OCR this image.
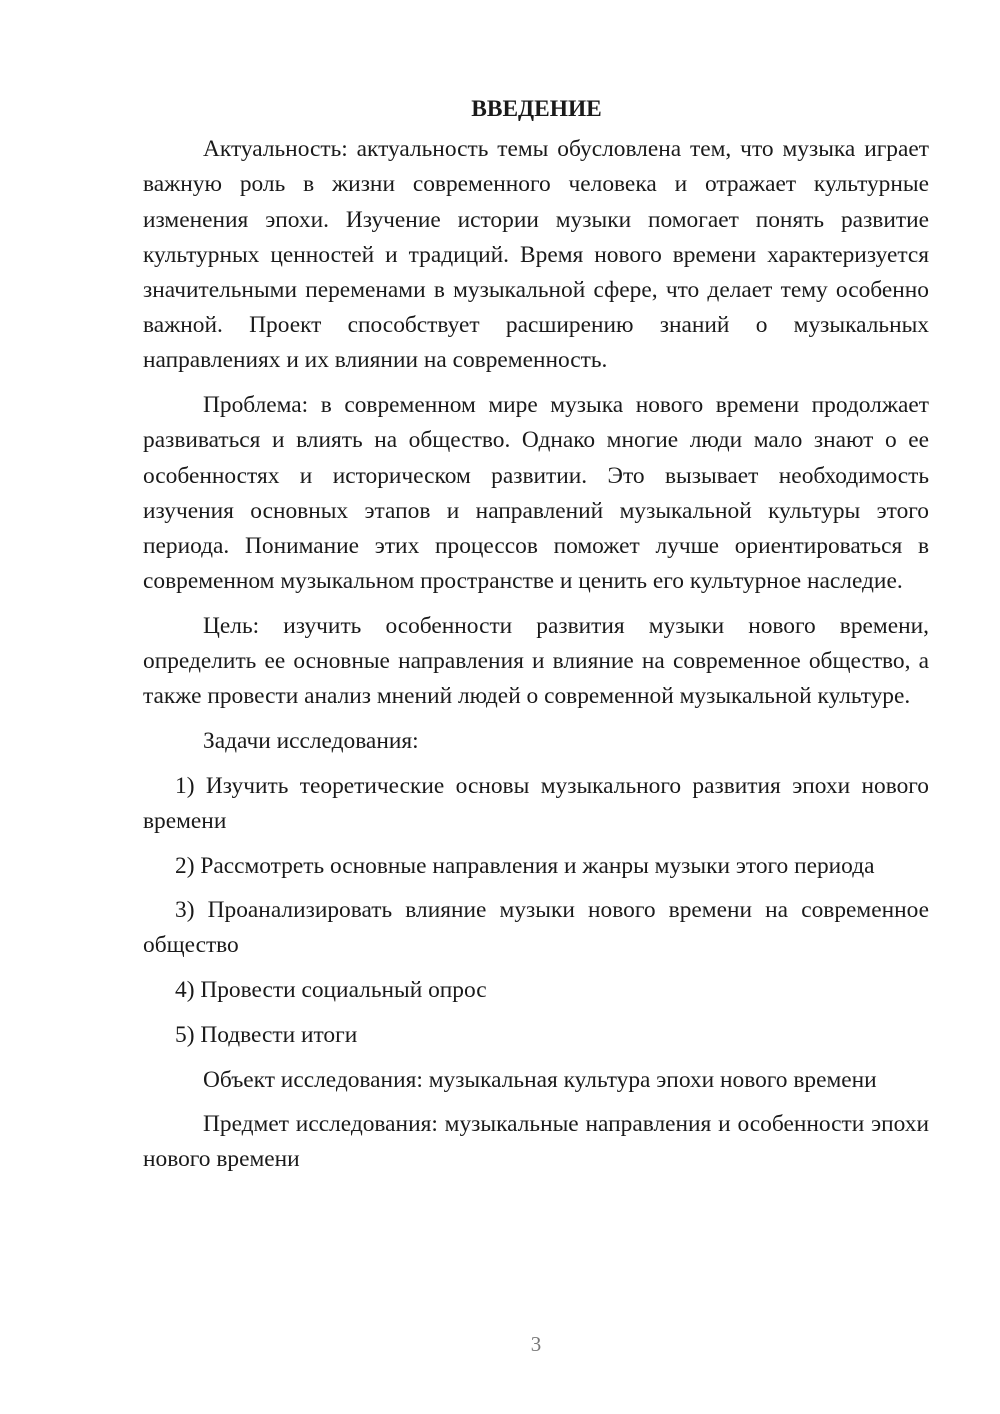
ВВЕДЕНИЕ

Актуальность: актуальность темы обусловлена тем, что музыка играет важную роль в жизни современного человека и отражает культурные изменения эпохи. Изучение истории музыки помогает понять развитие культурных ценностей и традиций. Время нового времени характеризуется значительными переменами в музыкальной сфере, что делает тему особенно важной. Проект способствует расширению знаний о музыкальных направлениях и их влиянии на современность.

Проблема: в современном мире музыка нового времени продолжает развиваться и влиять на общество. Однако многие люди мало знают о ее особенностях и историческом развитии. Это вызывает необходимость изучения основных этапов и направлений музыкальной культуры этого периода. Понимание этих процессов поможет лучше ориентироваться в современном музыкальном пространстве и ценить его культурное наследие.

Цель: изучить особенности развития музыки нового времени, определить ее основные направления и влияние на современное общество, а также провести анализ мнений людей о современной музыкальной культуре.

Задачи исследования:

1) Изучить теоретические основы музыкального развития эпохи нового времени

2) Рассмотреть основные направления и жанры музыки этого периода

3) Проанализировать влияние музыки нового времени на современное общество

4) Провести социальный опрос

5) Подвести итоги

Объект исследования: музыкальная культура эпохи нового времени

Предмет исследования: музыкальные направления и особенности эпохи нового времени

3
